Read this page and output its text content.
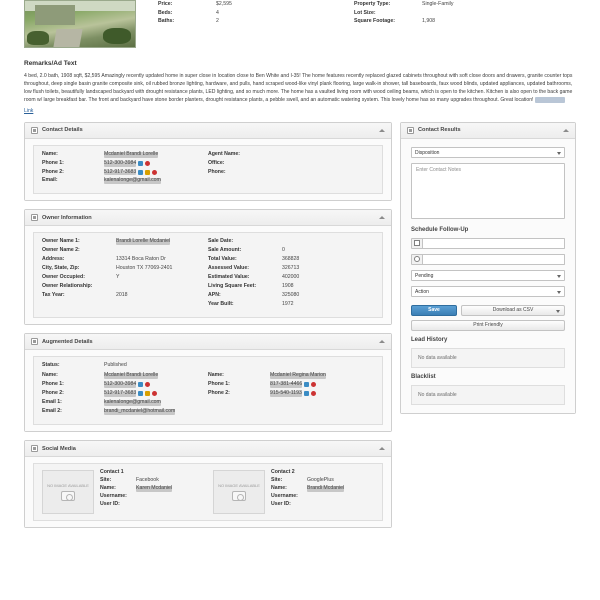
Price:	$2,595
Beds:	4
Baths:	2
Property Type:	Single-Family
Lot Size:
Square Footage:	1,908
Remarks/Ad Text

4 bed, 2.0 bath, 1908 sqft, $2,595 Amazingly recently updated home in super close in location close to Ben White and I-35! The home features recently replaced glazed cabinets throughout with soft close doors and drawers, granite counter tops throughout, deep single basin granite composite sink, oil rubbed bronze lighting, hardware, and pulls, hand scraped wood-like vinyl plank flooring, large walk-in shower, tall baseboards, faux wood blinds, updated appliances, updated bathrooms, low flush toilets, beautifully landscaped backyard with drought resistance plants, LED lighting, and so much more. The home has a vaulted living room with wood ceiling beams, which is open to the kitchen. Kitchen is also open to the back game room w/ large breakfast bar. The front and backyard have stone border planters, drought resistance plants, a pebble swell, and an automatic watering system. This lovely home has so many upgrades throughout. Great location!

Link
Contact Details
Name:	Mcdaniel Brandi Lorelle
Phone 1:	512-300-3984
Phone 2:	512-917-3683
Email:	kalenalonge@gmail.com
Agent Name:
Office:
Phone:
Owner Information
Owner Name 1:	Brandi Lorelle Mcdaniel
Owner Name 2:
Address:	13314 Boca Raton Dr
City, State, Zip:	Houston TX 77069-2401
Owner Occupied:	Y
Owner Relationship:
Tax Year:	2018
Sale Date:
Sale Amount:	0
Total Value:	368828
Assessed Value:	326713
Estimated Value:	402000
Living Square Feet:	1908
APN:	325080
Year Built:	1972
Augmented Details
Status:	Published
Name:	Mcdaniel Brandi Lorelle
Phone 1:	512-300-3984
Phone 2:	512-917-3683
Email 1:	kalenalonge@gmail.com
Email 2:	brandi_mcdaniel@hotmail.com
Name:	Mcdaniel Regina Marion
Phone 1:	817-381-4466
Phone 2:	915-540-1193
Social Media
NO IMAGE AVAILABLE
Contact 1
Site:	Facebook
Name:	Karen Mcdaniel
Username:
User ID:
NO IMAGE AVAILABLE
Contact 2
Site:	GooglePlus
Name:	Brandi Mcdaniel
Username:
User ID:
Contact Results
Disposition
Enter Contact Notes
Schedule Follow-Up
Pending
Action
Save	Download as CSV
Print Friendly
Lead History
No data available
Blacklist
No data available
